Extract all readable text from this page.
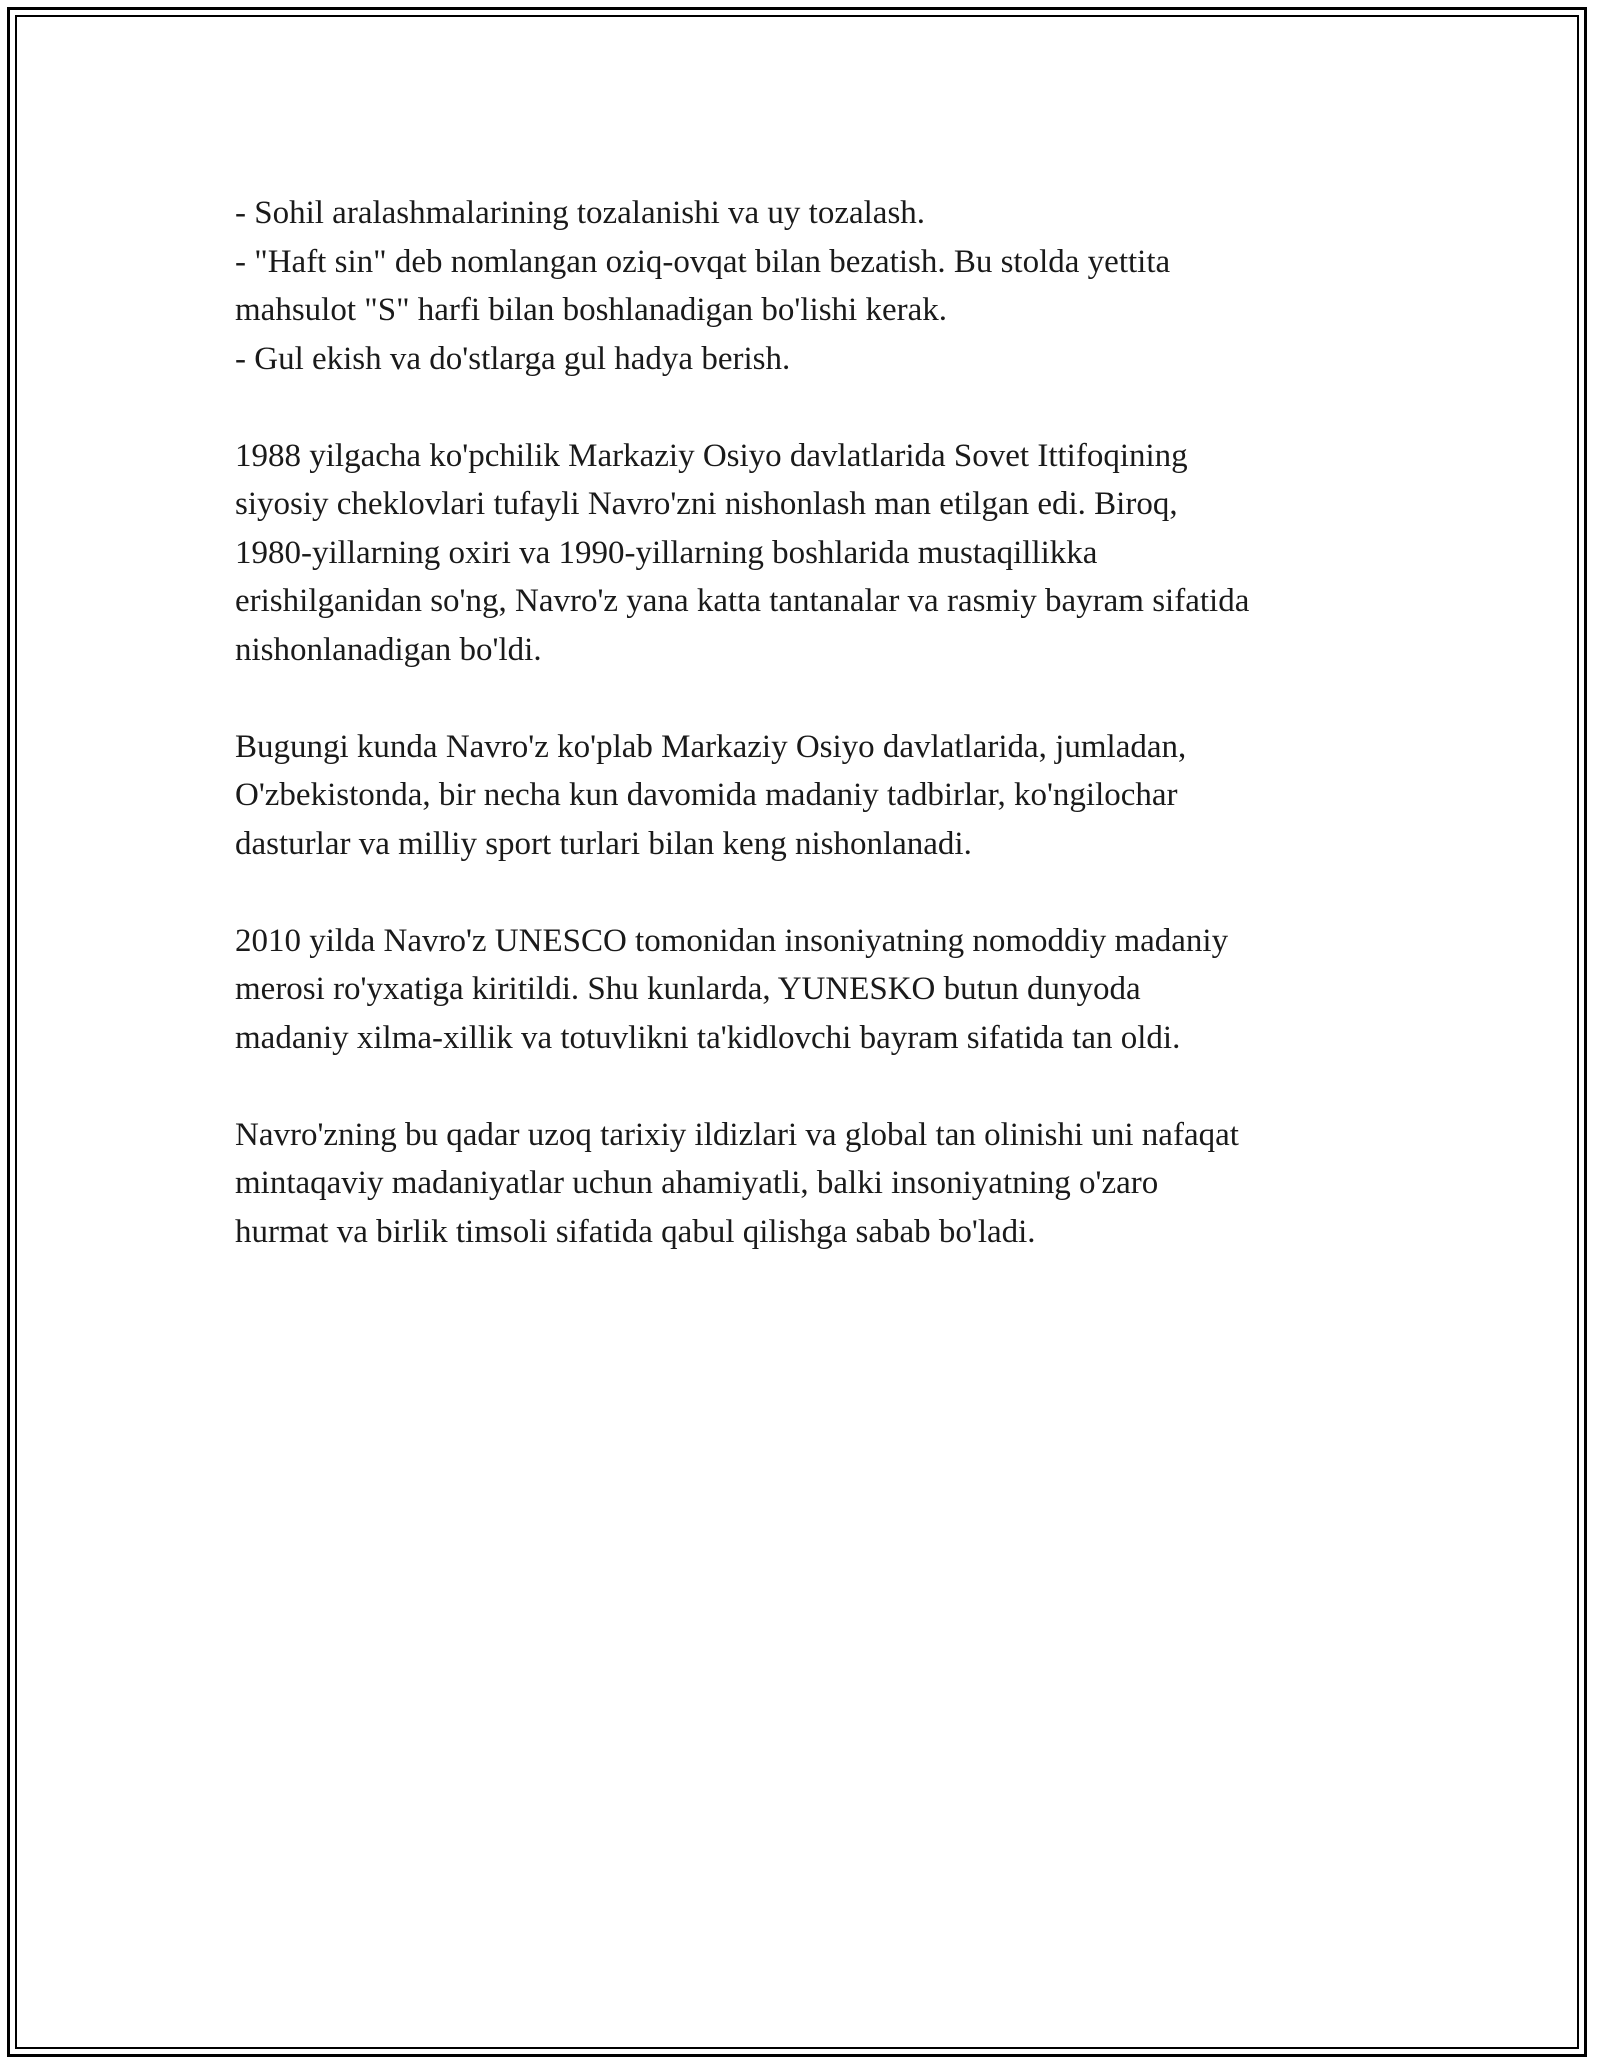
- Sohil aralashmalarining tozalanishi va uy tozalash.
- "Haft sin" deb nomlangan oziq-ovqat bilan bezatish. Bu stolda yettita
mahsulot "S" harfi bilan boshlanadigan bo'lishi kerak.
- Gul ekish va do'stlarga gul hadya berish.

1988 yilgacha ko'pchilik Markaziy Osiyo davlatlarida Sovet Ittifoqining
siyosiy cheklovlari tufayli Navro'zni nishonlash man etilgan edi. Biroq,
1980-yillarning oxiri va 1990-yillarning boshlarida mustaqillikka
erishilganidan so'ng, Navro'z yana katta tantanalar va rasmiy bayram sifatida
nishonlanadigan bo'ldi.

Bugungi kunda Navro'z ko'plab Markaziy Osiyo davlatlarida, jumladan,
O'zbekistonda, bir necha kun davomida madaniy tadbirlar, ko'ngilochar
dasturlar va milliy sport turlari bilan keng nishonlanadi.

2010 yilda Navro'z UNESCO tomonidan insoniyatning nomoddiy madaniy
merosi ro'yxatiga kiritildi. Shu kunlarda, YUNESKO butun dunyoda
madaniy xilma-xillik va totuvlikni ta'kidlovchi bayram sifatida tan oldi.

Navro'zning bu qadar uzoq tarixiy ildizlari va global tan olinishi uni nafaqat
mintaqaviy madaniyatlar uchun ahamiyatli, balki insoniyatning o'zaro
hurmat va birlik timsoli sifatida qabul qilishga sabab bo'ladi.
